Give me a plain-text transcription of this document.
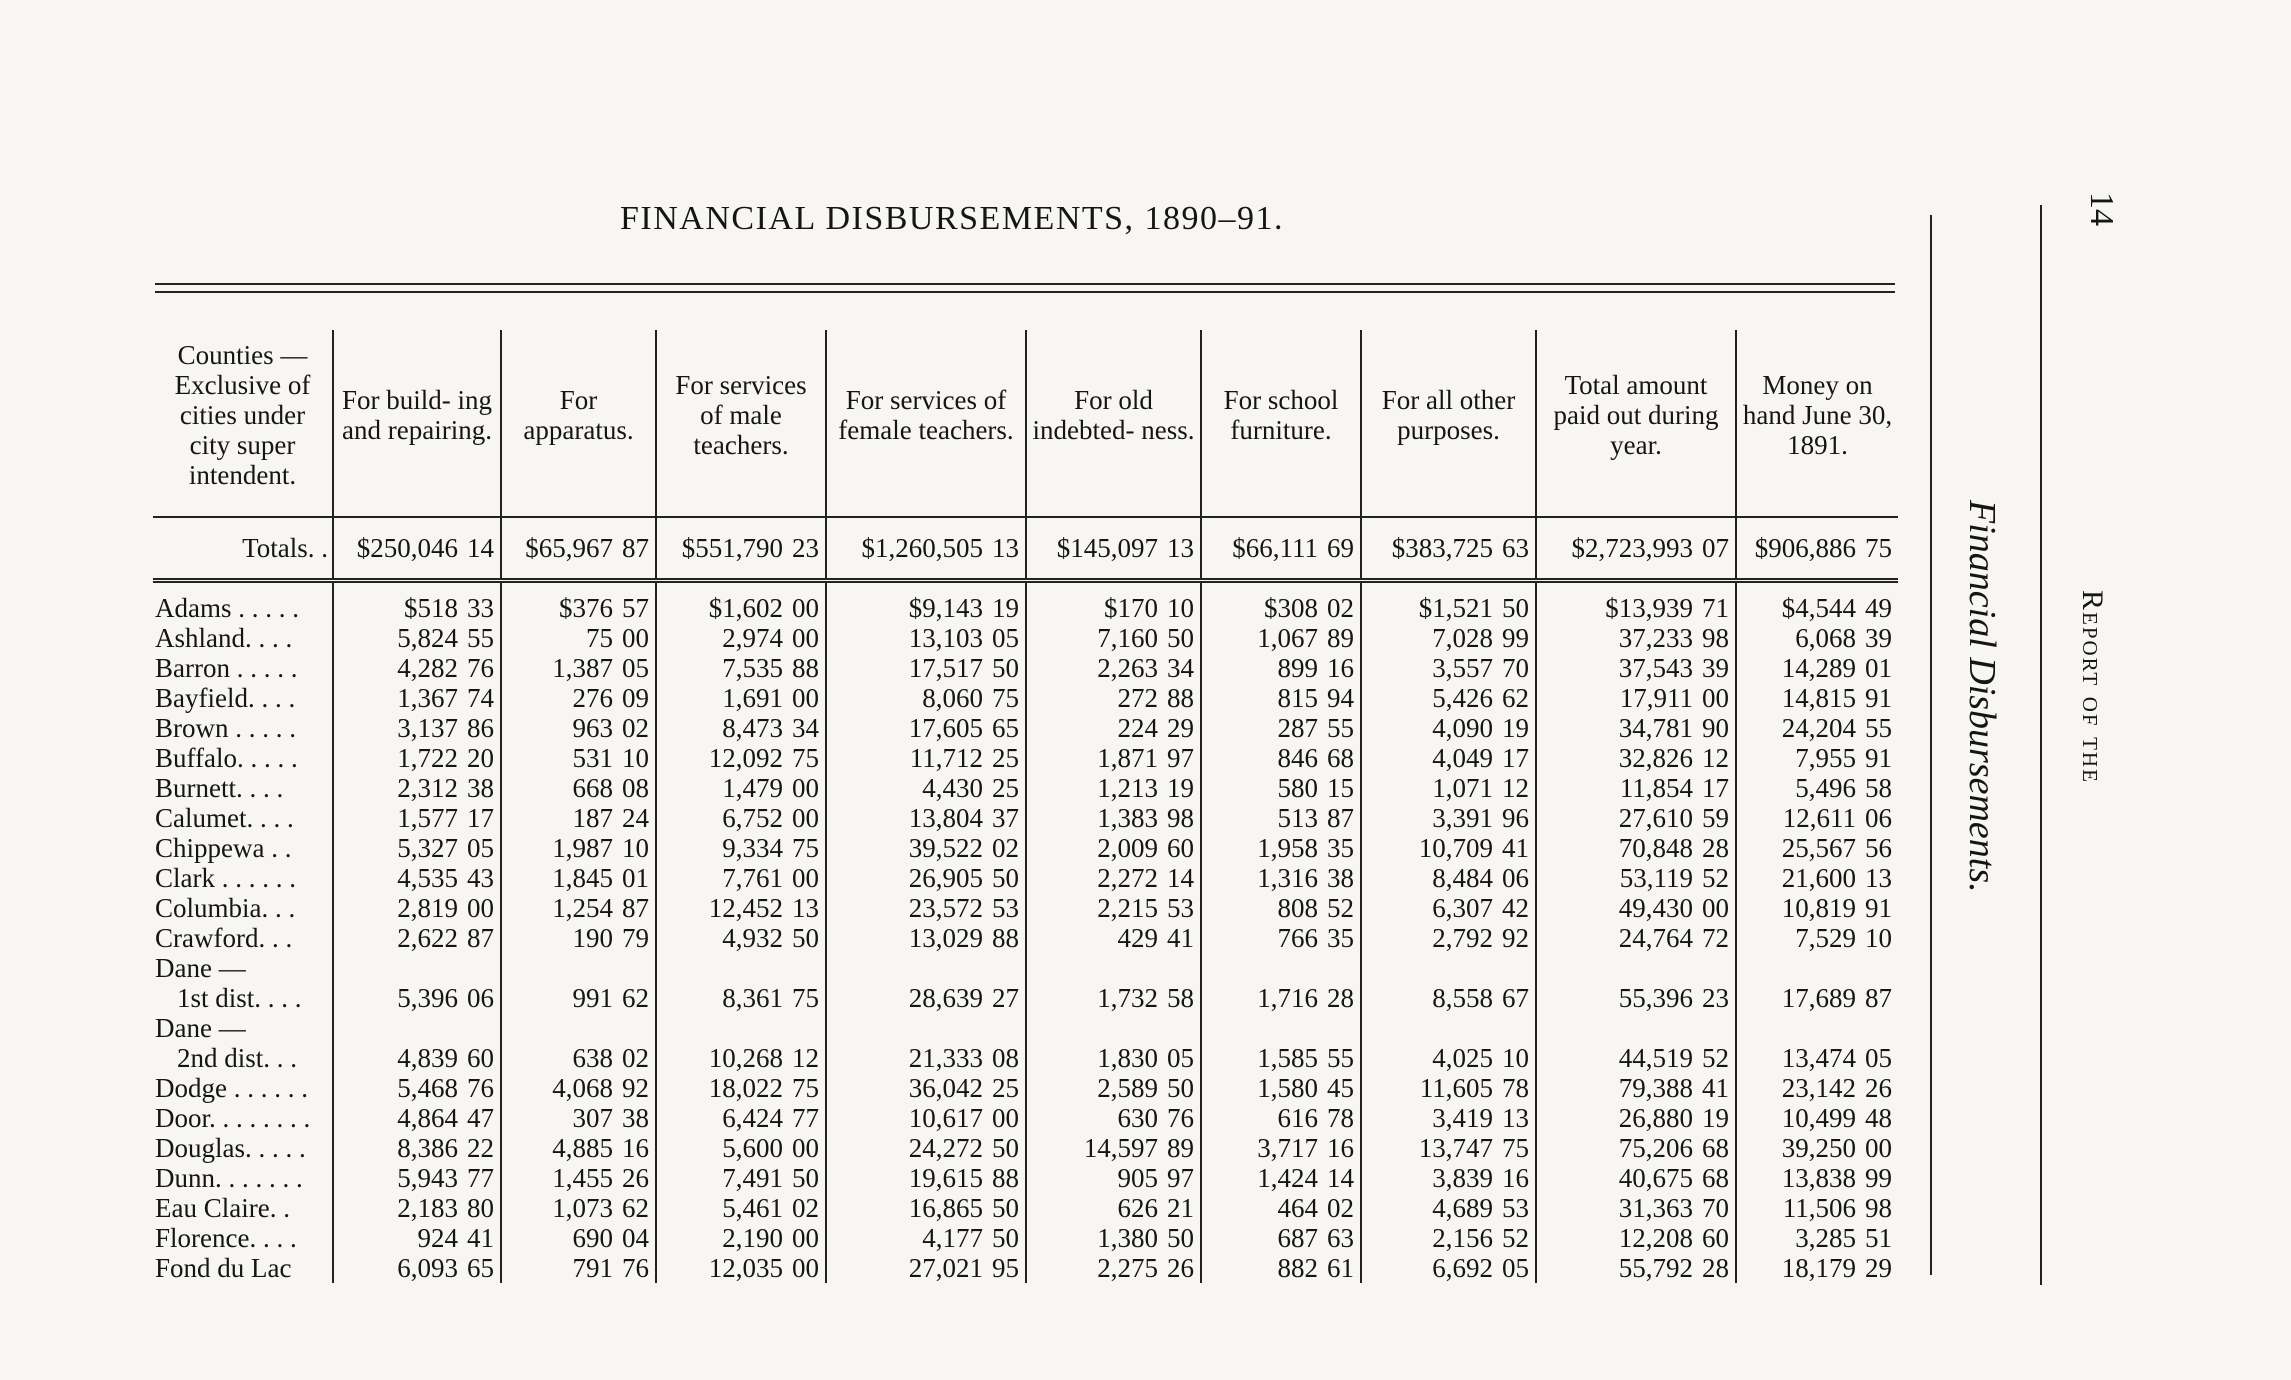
FINANCIAL DISBURSEMENTS, 1890–91.
Counties — Exclusive of cities under city super intendent.	For build- ing and repairing.	For apparatus.	For services of male teachers.	For services of female teachers.	For old indebted- ness.	For school furniture.	For all other purposes.	Total amount paid out during year.	Money on hand June 30, 1891.
Totals. .	$250,046 14	$65,967 87	$551,790 23	$1,260,505 13	$145,097 13	$66,111 69	$383,725 63	$2,723,993 07	$906,886 75
Adams . . . . .	$518 33	$376 57	$1,602 00	$9,143 19	$170 10	$308 02	$1,521 50	$13,939 71	$4,544 49
Ashland. . . .	5,824 55	75 00	2,974 00	13,103 05	7,160 50	1,067 89	7,028 99	37,233 98	6,068 39
Barron . . . . .	4,282 76	1,387 05	7,535 88	17,517 50	2,263 34	899 16	3,557 70	37,543 39	14,289 01
Bayfield. . . .	1,367 74	276 09	1,691 00	8,060 75	272 88	815 94	5,426 62	17,911 00	14,815 91
Brown . . . . .	3,137 86	963 02	8,473 34	17,605 65	224 29	287 55	4,090 19	34,781 90	24,204 55
Buffalo. . . . .	1,722 20	531 10	12,092 75	11,712 25	1,871 97	846 68	4,049 17	32,826 12	7,955 91
Burnett. . . .	2,312 38	668 08	1,479 00	4,430 25	1,213 19	580 15	1,071 12	11,854 17	5,496 58
Calumet. . . .	1,577 17	187 24	6,752 00	13,804 37	1,383 98	513 87	3,391 96	27,610 59	12,611 06
Chippewa . .	5,327 05	1,987 10	9,334 75	39,522 02	2,009 60	1,958 35	10,709 41	70,848 28	25,567 56
Clark . . . . . .	4,535 43	1,845 01	7,761 00	26,905 50	2,272 14	1,316 38	8,484 06	53,119 52	21,600 13
Columbia. . .	2,819 00	1,254 87	12,452 13	23,572 53	2,215 53	808 52	6,307 42	49,430 00	10,819 91
Crawford. . .	2,622 87	190 79	4,932 50	13,029 88	429 41	766 35	2,792 92	24,764 72	7,529 10

Dane —
1st dist. . . .	5,396 06	991 62	8,361 75	28,639 27	1,732 58	1,716 28	8,558 67	55,396 23	17,689 87

Dane —
2nd dist. . .	4,839 60	638 02	10,268 12	21,333 08	1,830 05	1,585 55	4,025 10	44,519 52	13,474 05
Dodge . . . . . .	5,468 76	4,068 92	18,022 75	36,042 25	2,589 50	1,580 45	11,605 78	79,388 41	23,142 26
Door. . . . . . . .	4,864 47	307 38	6,424 77	10,617 00	630 76	616 78	3,419 13	26,880 19	10,499 48
Douglas. . . . .	8,386 22	4,885 16	5,600 00	24,272 50	14,597 89	3,717 16	13,747 75	75,206 68	39,250 00
Dunn. . . . . . .	5,943 77	1,455 26	7,491 50	19,615 88	905 97	1,424 14	3,839 16	40,675 68	13,838 99
Eau Claire. .	2,183 80	1,073 62	5,461 02	16,865 50	626 21	464 02	4,689 53	31,363 70	11,506 98
Florence. . . .	924 41	690 04	2,190 00	4,177 50	1,380 50	687 63	2,156 52	12,208 60	3,285 51
Fond du Lac	6,093 65	791 76	12,035 00	27,021 95	2,275 26	882 61	6,692 05	55,792 28	18,179 29
Financial Disbursements. Report of the
14
